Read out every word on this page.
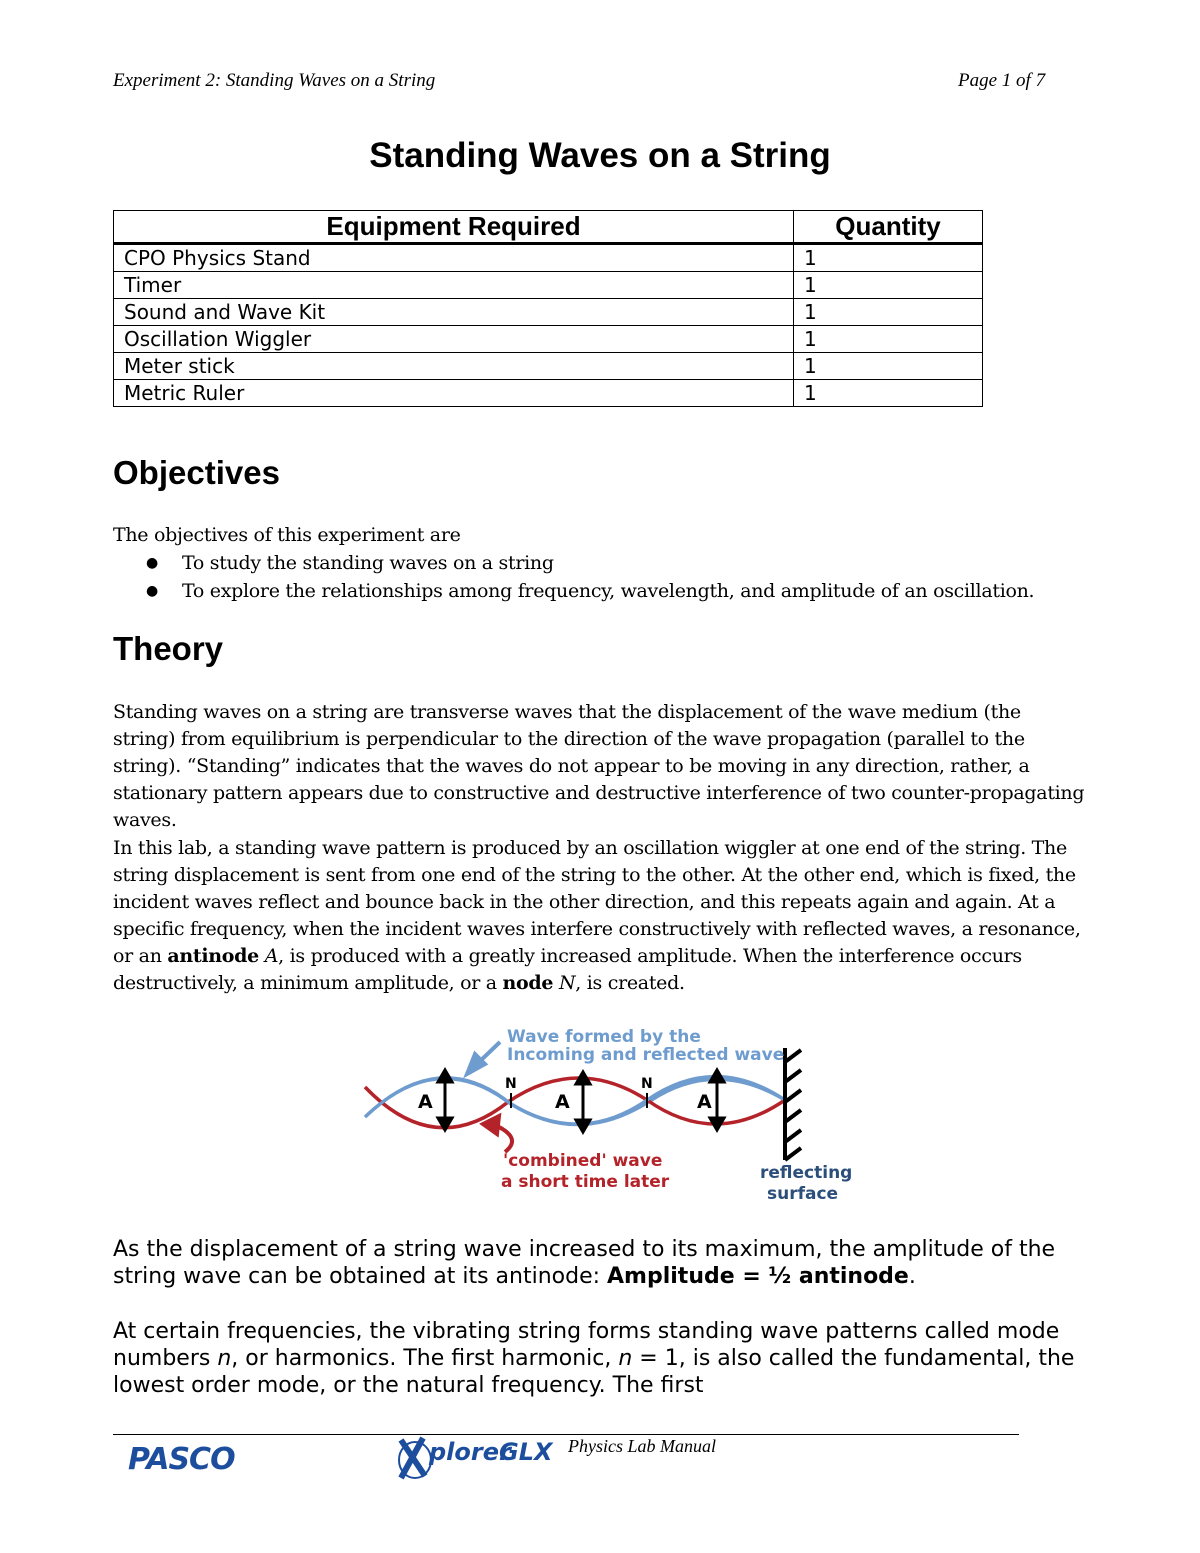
Experiment 2: Standing Waves on a String	Page 1 of 7
Standing Waves on a String
Equipment Required	Quantity
CPO Physics Stand	1
Timer	1
Sound and Wave Kit	1
Oscillation Wiggler	1
Meter stick	1
Metric Ruler	1
Objectives
The objectives of this experiment are
● To study the standing waves on a string
● To explore the relationships among frequency, wavelength, and amplitude of an oscillation.
Theory
Standing waves on a string are transverse waves that the displacement of the wave medium (the string) from equilibrium is perpendicular to the direction of the wave propagation (parallel to the string). “Standing” indicates that the waves do not appear to be moving in any direction, rather, a stationary pattern appears due to constructive and destructive interference of two counter-propagating waves.
In this lab, a standing wave pattern is produced by an oscillation wiggler at one end of the string. The string displacement is sent from one end of the string to the other. At the other end, which is fixed, the incident waves reflect and bounce back in the other direction, and this repeats again and again. At a specific frequency, when the incident waves interfere constructively with reflected waves, a resonance, or an antinode A, is produced with a greatly increased amplitude. When the interference occurs destructively, a minimum amplitude, or a node N, is created.
A	A	A
N	N
Wave formed by the
Incoming and reflected wave
'combined' wave
a short time later	reflecting
surface
As the displacement of a string wave increased to its maximum, the amplitude of the string wave can be obtained at its antinode: Amplitude = ½ antinode.
At certain frequencies, the vibrating string forms standing wave patterns called mode numbers n, or harmonics. The first harmonic, n = 1, is also called the fundamental, the lowest order mode, or the natural frequency. The first
PASCO	plorer
GLX Physics Lab Manual
